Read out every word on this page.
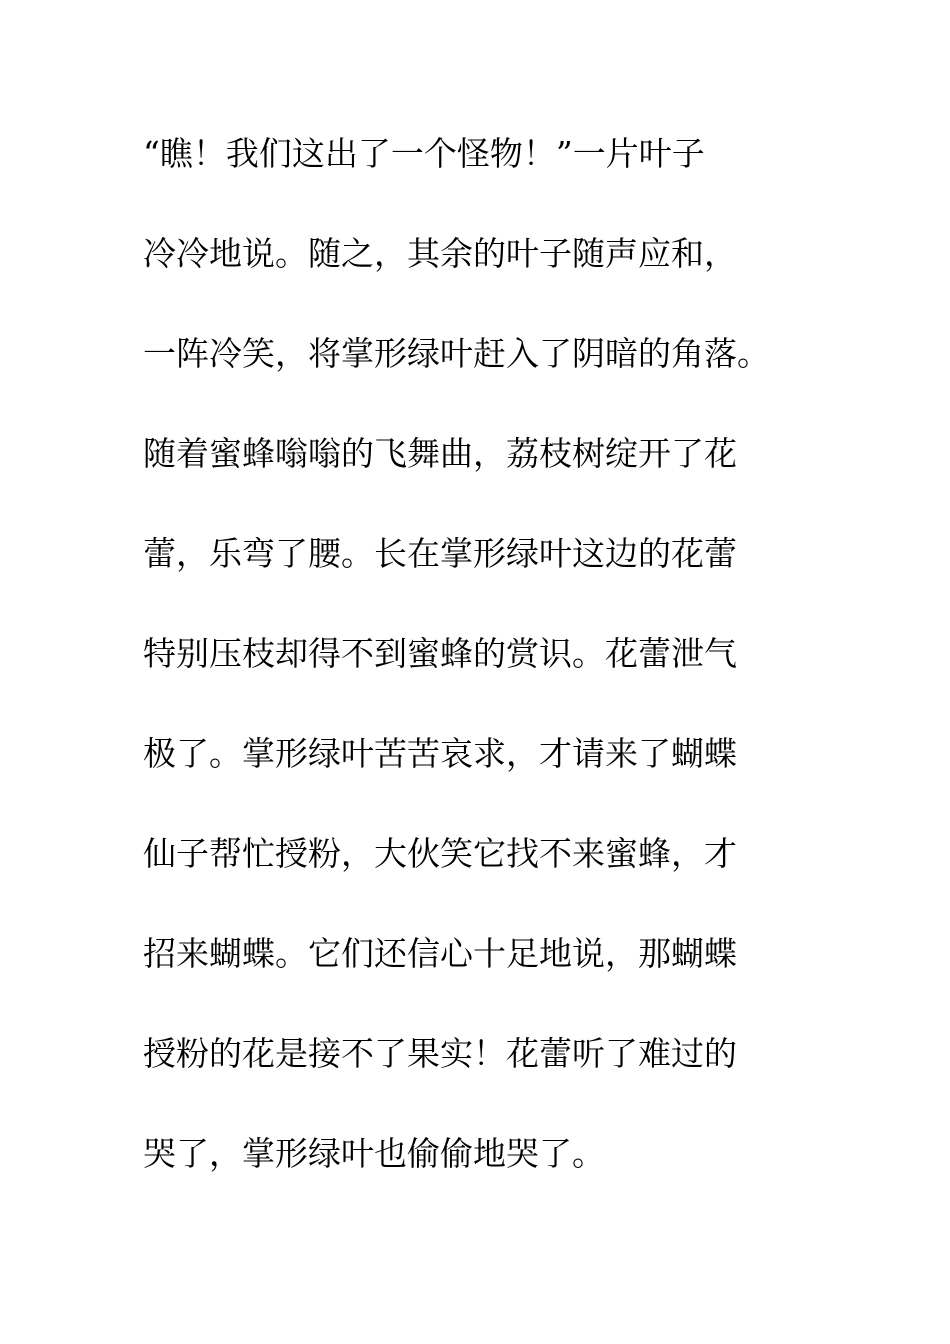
“瞧！我们这出了一个怪物！”一片叶子
冷冷地说。随之，其余的叶子随声应和，
一阵冷笑，将掌形绿叶赶入了阴暗的角落。
随着蜜蜂嗡嗡的飞舞曲，荔枝树绽开了花
蕾，乐弯了腰。长在掌形绿叶这边的花蕾
特别压枝却得不到蜜蜂的赏识。花蕾泄气
极了。掌形绿叶苦苦哀求，才请来了蝴蝶
仙子帮忙授粉，大伙笑它找不来蜜蜂，才
招来蝴蝶。它们还信心十足地说，那蝴蝶
授粉的花是接不了果实！花蕾听了难过的
哭了，掌形绿叶也偷偷地哭了。
